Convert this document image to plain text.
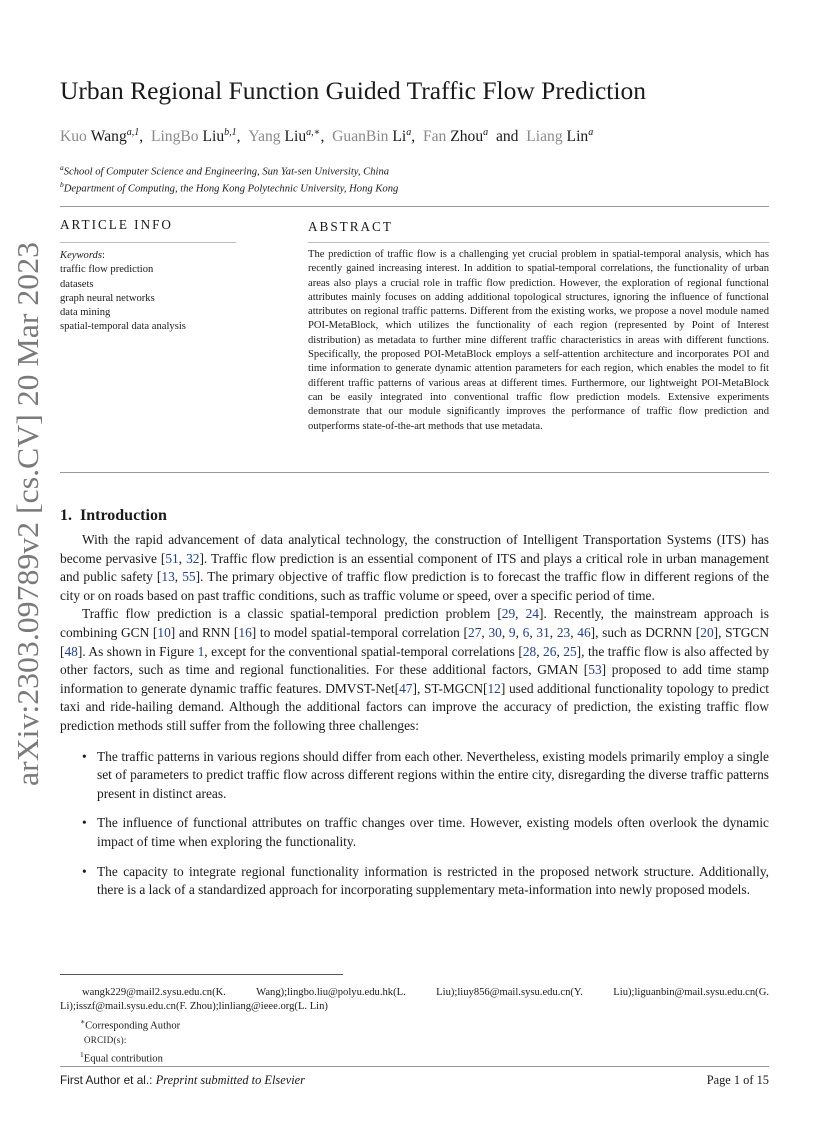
arXiv:2303.09789v2 [cs.CV] 20 Mar 2023
Urban Regional Function Guided Traffic Flow Prediction
Kuo Wang$^{a,1}$,  LingBo Liu$^{b,1}$,  Yang Liu$^{a,∗}$,  GuanBin Li$^a$,  Fan Zhou$^a$  and  Liang Lin$^a$
$^a$School of Computer Science and Engineering, Sun Yat-sen University, China
$^b$Department of Computing, the Hong Kong Polytechnic University, Hong Kong
ARTICLE INFO	ABSTRACT
Keywords:
traffic flow prediction
datasets
graph neural networks
data mining
spatial-temporal data analysis

The prediction of traffic flow is a challenging yet crucial problem in spatial-temporal analysis, which has recently gained increasing interest. In addition to spatial-temporal correlations, the functionality of urban areas also plays a crucial role in traffic flow prediction. However, the exploration of regional functional attributes mainly focuses on adding additional topological structures, ignoring the influence of functional attributes on regional traffic patterns. Different from the existing works, we propose a novel module named POI-MetaBlock, which utilizes the functionality of each region (represented by Point of Interest distribution) as metadata to further mine different traffic characteristics in areas with different functions. Specifically, the proposed POI-MetaBlock employs a self-attention architecture and incorporates POI and time information to generate dynamic attention parameters for each region, which enables the model to fit different traffic patterns of various areas at different times. Furthermore, our lightweight POI-MetaBlock can be easily integrated into conventional traffic flow prediction models. Extensive experiments demonstrate that our module significantly improves the performance of traffic flow prediction and outperforms state-of-the-art methods that use metadata.

1. Introduction

With the rapid advancement of data analytical technology, the construction of Intelligent Transportation Systems (ITS) has become pervasive [51, 32]. Traffic flow prediction is an essential component of ITS and plays a critical role in urban management and public safety [13, 55]. The primary objective of traffic flow prediction is to forecast the traffic flow in different regions of the city or on roads based on past traffic conditions, such as traffic volume or speed, over a specific period of time.

Traffic flow prediction is a classic spatial-temporal prediction problem [29, 24]. Recently, the mainstream approach is combining GCN [10] and RNN [16] to model spatial-temporal correlation [27, 30, 9, 6, 31, 23, 46], such as DCRNN [20], STGCN [48]. As shown in Figure 1, except for the conventional spatial-temporal correlations [28, 26, 25], the traffic flow is also affected by other factors, such as time and regional functionalities. For these additional factors, GMAN [53] proposed to add time stamp information to generate dynamic traffic features. DMVST-Net[47], ST-MGCN[12] used additional functionality topology to predict taxi and ride-hailing demand. Although the additional factors can improve the accuracy of prediction, the existing traffic flow prediction methods still suffer from the following three challenges:

• The traffic patterns in various regions should differ from each other. Nevertheless, existing models primarily employ a single set of parameters to predict traffic flow across different regions within the entire city, disregarding the diverse traffic patterns present in distinct areas.
• The influence of functional attributes on traffic changes over time. However, existing models often overlook the dynamic impact of time when exploring the functionality.
• The capacity to integrate regional functionality information is restricted in the proposed network structure. Additionally, there is a lack of a standardized approach for incorporating supplementary meta-information into newly proposed models.
wangk229@mail2.sysu.edu.cn(K. Wang);lingbo.liu@polyu.edu.hk(L. Liu);liuy856@mail.sysu.edu.cn(Y. Liu);liguanbin@mail.sysu.edu.cn(G. Li);isszf@mail.sysu.edu.cn(F. Zhou);linliang@ieee.org(L. Lin)
∗Corresponding Author
ORCID(s):
$^1$Equal contribution
First Author et al.: Preprint submitted to Elsevier	Page 1 of 15
